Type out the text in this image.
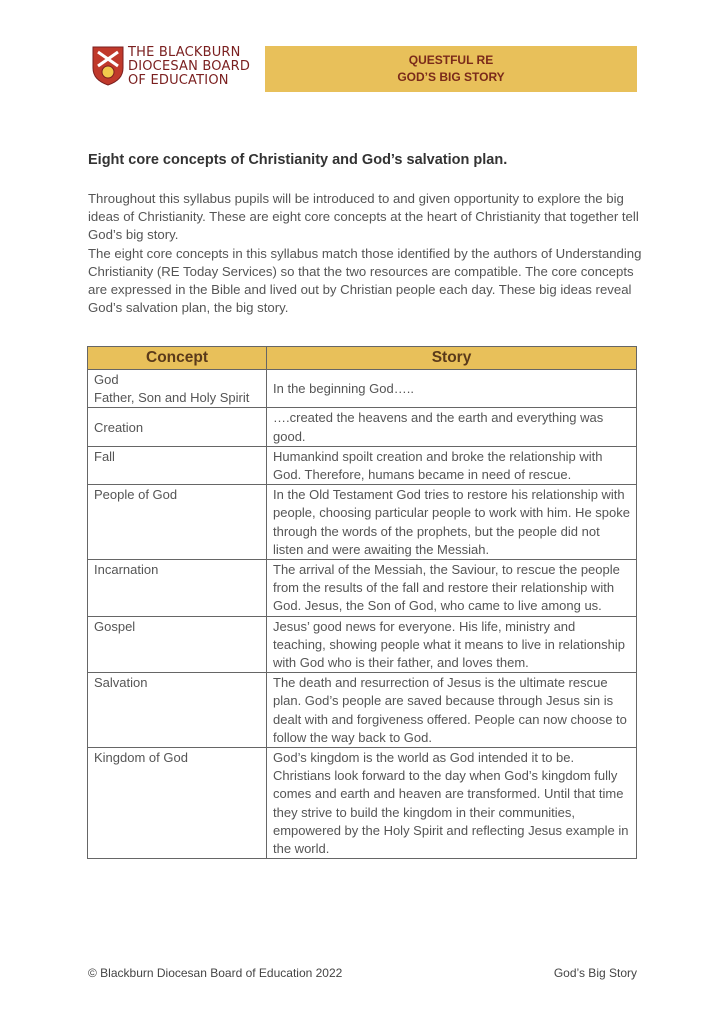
THE BLACKBURN
DIOCESAN BOARD
OF EDUCATION
QUESTFUL RE
GOD’S BIG STORY
Eight core concepts of Christianity and God’s salvation plan.

Throughout this syllabus pupils will be introduced to and given opportunity to explore the big ideas of Christianity. These are eight core concepts at the heart of Christianity that together tell God’s big story.

The eight core concepts in this syllabus match those identified by the authors of Understanding Christianity (RE Today Services) so that the two resources are compatible. The core concepts are expressed in the Bible and lived out by Christian people each day. These big ideas reveal God’s salvation plan, the big story.

Concept	Story

God
Father, Son and Holy Spirit	In the beginning God…..
Creation	….created the heavens and the earth and everything was good.
Fall	Humankind spoilt creation and broke the relationship with God. Therefore, humans became in need of rescue.
People of God	In the Old Testament God tries to restore his relationship with people, choosing particular people to work with him. He spoke through the words of the prophets, but the people did not listen and were awaiting the Messiah.
Incarnation	The arrival of the Messiah, the Saviour, to rescue the people from the results of the fall and restore their relationship with God. Jesus, the Son of God, who came to live among us.
Gospel	Jesus’ good news for everyone. His life, ministry and teaching, showing people what it means to live in relationship with God who is their father, and loves them.
Salvation	The death and resurrection of Jesus is the ultimate rescue plan. God’s people are saved because through Jesus sin is dealt with and forgiveness offered. People can now choose to follow the way back to God.
Kingdom of God	God’s kingdom is the world as God intended it to be. Christians look forward to the day when God’s kingdom fully comes and earth and heaven are transformed. Until that time they strive to build the kingdom in their communities, empowered by the Holy Spirit and reflecting Jesus example in the world.
© Blackburn Diocesan Board of Education 2022	God’s Big Story
